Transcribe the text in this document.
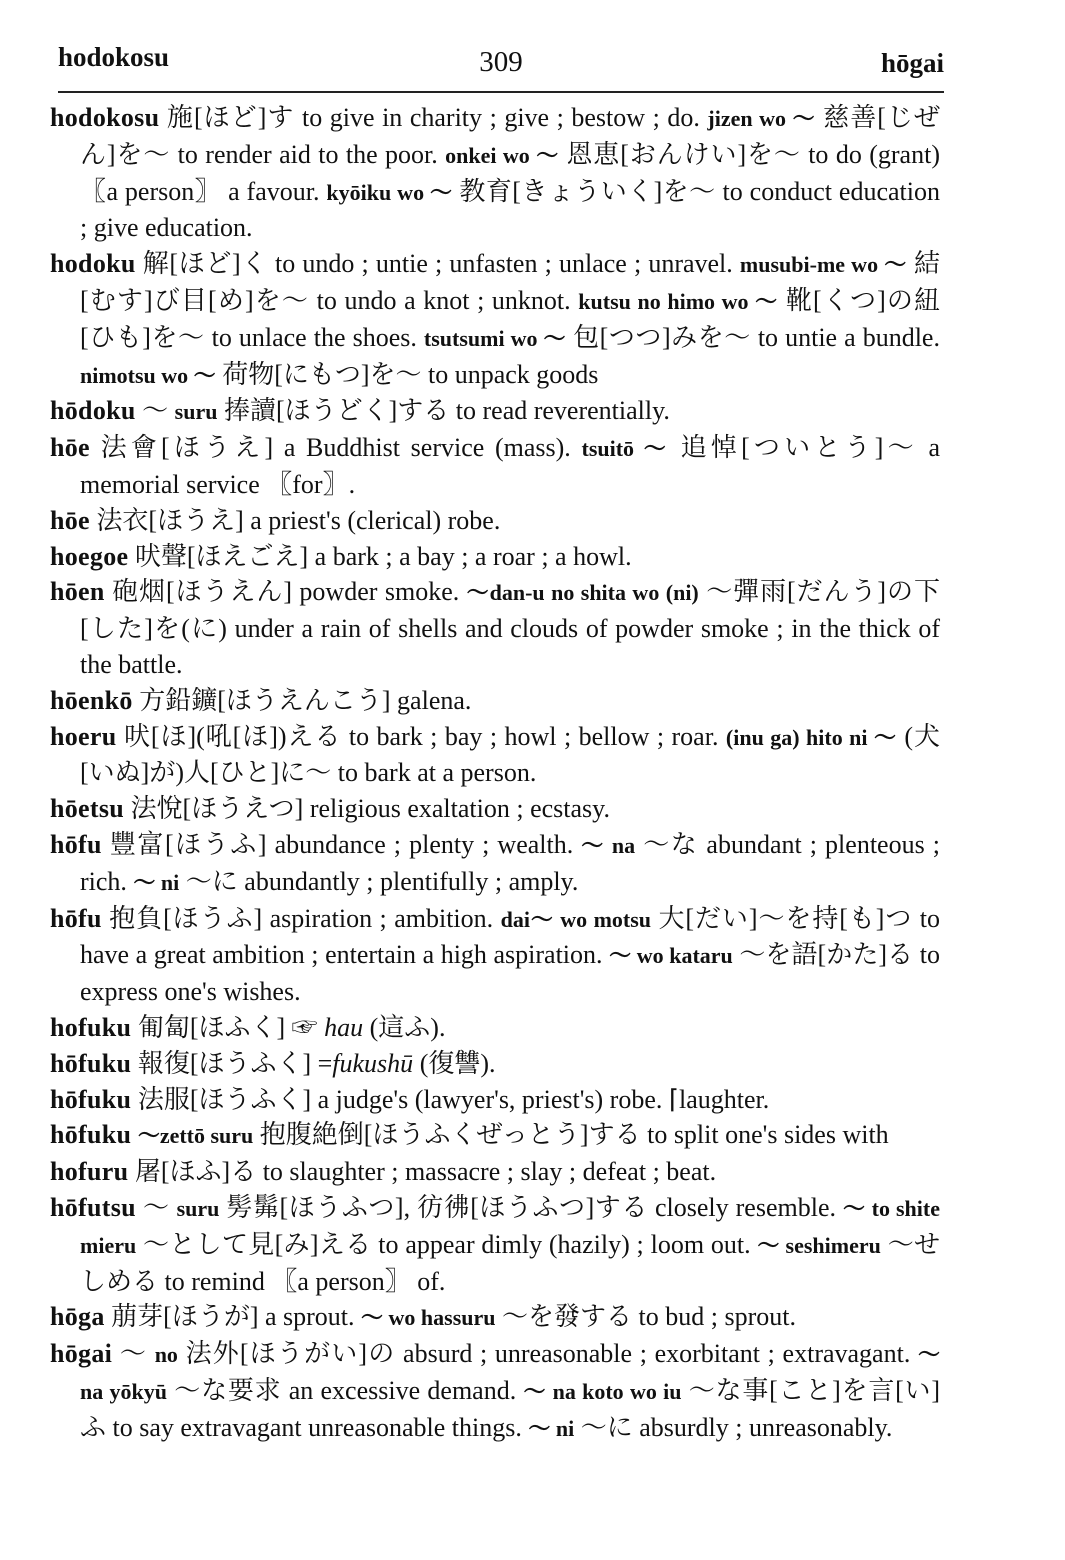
hodokosu	309	hōgai

hodokosu 施[ほど]す to give in charity ; give ; bestow ; do. jizen wo ～ 慈善[じぜん]を～ to render aid to the poor. onkei wo ～ 恩恵[おんけい]を～ to do (grant) 〖a person〗 a favour. kyōiku wo ～ 教育[きょういく]を～ to conduct education ; give education.

hodoku 解[ほど]く to undo ; untie ; unfasten ; unlace ; unravel. musubi-me wo ～ 結[むす]び目[め]を～ to undo a knot ; unknot. kutsu no himo wo ～ 靴[くつ]の紐[ひも]を～ to unlace the shoes. tsutsumi wo ～ 包[つつ]みを～ to untie a bundle. nimotsu wo ～ 荷物[にもつ]を～ to unpack goods

hōdoku ～ suru 捧讀[ほうどく]する to read reverentially.

hōe 法會[ほうえ] a Buddhist service (mass). tsuitō ～ 追悼[ついとう]～ a memorial service 〖for〗.

hōe 法衣[ほうえ] a priest's (clerical) robe.

hoegoe 吠聲[ほえごえ] a bark ; a bay ; a roar ; a howl.

hōen 砲烟[ほうえん] powder smoke. ～dan-u no shita wo (ni) ～彈雨[だんう]の下[した]を(に) under a rain of shells and clouds of powder smoke ; in the thick of the battle.

hōenkō 方鉛鑛[ほうえんこう] galena.

hoeru 吠[ほ](吼[ほ])える to bark ; bay ; howl ; bellow ; roar. (inu ga) hito ni ～ (犬[いぬ]が)人[ひと]に～ to bark at a person.

hōetsu 法悅[ほうえつ] religious exaltation ; ecstasy.

hōfu 豐富[ほうふ] abundance ; plenty ; wealth. ～ na ～な abundant ; plenteous ; rich. ～ ni ～に abundantly ; plentifully ; amply.

hōfu 抱負[ほうふ] aspiration ; ambition. dai～ wo motsu 大[だい]～を持[も]つ to have a great ambition ; entertain a high aspiration. ～ wo kataru ～を語[かた]る to express one's wishes.

hofuku 匍匐[ほふく] ☞ hau (這ふ).

hōfuku 報復[ほうふく] =fukushū (復讐).

hōfuku 法服[ほうふく] a judge's (lawyer's, priest's) robe. ⌈laughter.

hōfuku ～zettō suru 抱腹絶倒[ほうふくぜっとう]する to split one's sides with

hofuru 屠[ほふ]る to slaughter ; massacre ; slay ; defeat ; beat.

hōfutsu ～ suru 髣髴[ほうふつ], 彷彿[ほうふつ]する closely resemble. ～ to shite mieru ～として見[み]える to appear dimly (hazily) ; loom out. ～ seshimeru ～せしめる to remind 〖a person〗 of.

hōga 萠芽[ほうが] a sprout. ～ wo hassuru ～を發する to bud ; sprout.

hōgai ～ no 法外[ほうがい]の absurd ; unreasonable ; exorbitant ; extravagant. ～ na yōkyū ～な要求 an excessive demand. ～ na koto wo iu ～な事[こと]を言[い]ふ to say extravagant unreasonable things. ～ ni ～に absurdly ; unreasonably.
